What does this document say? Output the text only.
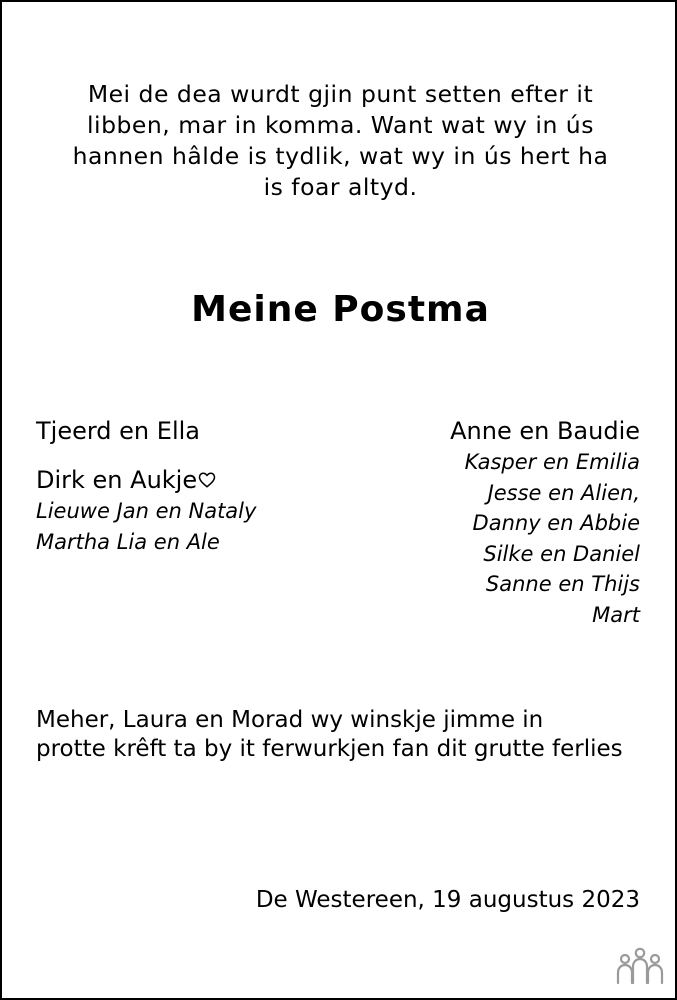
Mei de dea wurdt gjin punt setten efter it
libben, mar in komma. Want wat wy in ús
hannen hâlde is tydlik, wat wy in ús hert ha
is foar altyd.
Meine Postma
Tjeerd en Ella
Dirk en Aukje
Lieuwe Jan en Nataly
Martha Lia en Ale
Anne en Baudie
Kasper en Emilia
Jesse en Alien,
Danny en Abbie
Silke en Daniel
Sanne en Thijs
Mart
Meher, Laura en Morad wy winskje jimme in
protte krêft ta by it ferwurkjen fan dit grutte ferlies
De Westereen, 19 augustus 2023
